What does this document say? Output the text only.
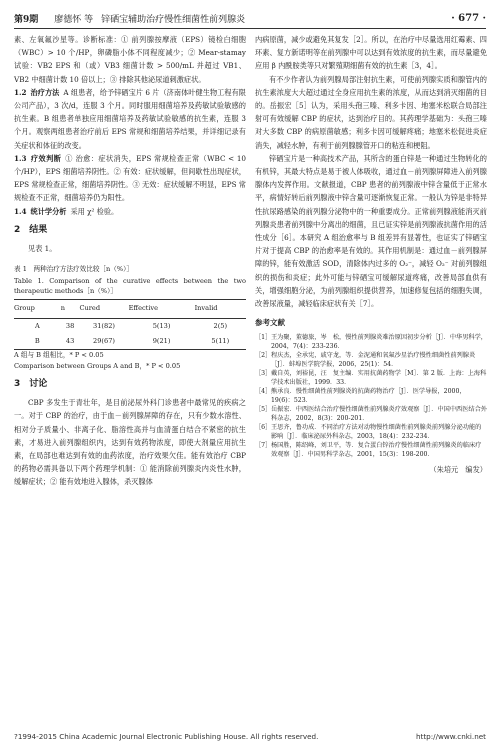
第9期 廖德怀 等 锌硒宝辅助治疗慢性细菌性前列腺炎	· 677 ·

素、左氧氟沙星等。诊断标准：① 前列腺按摩液（EPS）镜检白细胞（WBC）> 10 个/HP，卵磷脂小体不同程度减少；② Mear-stamay 试验：VB2 EPS 和（或）VB3 细菌计数 > 500/mL 并超过 VB1、VB2 中细菌计数 10 倍以上；③ 排除其他泌尿道刺激症状。

1.2 治疗方法 A 组患者，给予锌硒宝片 6 片（济南体叶健生物工程有限公司产品），3 次/d，连服 3 个月。同时服用细菌培养及药敏试验敏感的抗生素。B 组患者单独应用细菌培养及药敏试验敏感的抗生素，连服 3 个月。观察两组患者治疗前后 EPS 常规和细菌培养结果，并详细记录有关症状和体征的改变。

1.3 疗效判断 ① 治愈：症状消失，EPS 常规检查正常（WBC < 10 个/HP），EPS 细菌培养阴性。② 有效：症状缓解，但间歇性出现症状，EPS 常规检查正常，细菌培养阴性。③ 无效：症状缓解不明显，EPS 常规检查不正常，细菌培养仍为阳性。

1.4 统计学分析 采用 χ² 检验。

2　结果

见表 1。

表 1　两种治疗方法疗效比较［n（%）］
Table 1. Comparison of the curative effects between the two therapeutic methods［n（%）］
Group	n	Cured	Effective	Invalid
A	38	31(82)	5(13)	2(5)
B	43	29(67)	9(21)	5(11)
A 组与 B 组相比，* P < 0.05
Comparison between Groups A and B，* P < 0.05
3　讨论

CBP 多发生于青壮年，是目前泌尿外科门诊患者中最常见的疾病之一。对于 CBP 的治疗，由于血－前列腺屏障的存在，只有少数水溶性、相对分子质量小、非离子化、脂溶性高并与血清蛋白结合不紧密的抗生素，才易进入前列腺组织内，达到有效药物浓度，即使大剂量应用抗生素，在局部也难达到有效的血药浓度，治疗效果欠佳。能有效治疗 CBP 的药物必需具备以下两个药理学机制：① 能消除前列腺炎内炎性水肿，缓解症状；② 能有效地进入腺体，杀灭腺体

内病原菌，减少或避免其复发［2］。所以，在治疗中尽量选用红霉素、四环素、复方新诺明等在前列腺中可以达到有效浓度的抗生素，而尽量避免应用 β 内酰胺类等只对繁殖期细菌有效的抗生素［3，4］。

有不少作者认为前列腺局部注射抗生素，可使前列腺实质和腺管内的抗生素浓度大大超过通过全身应用抗生素的浓度，从而达到消灭细菌的目的。岳振宏［5］认为，采用头孢三嗪、利多卡因、地塞米松联合局部注射可有效缓解 CBP 的症状，达到治疗目的。其药理学基础为：头孢三嗪对大多数 CBP 的病原菌敏感；利多卡因可缓解疼痛；地塞米松促进炎症消失，减轻水肿，有利于前列腺腺管开口的粘连和梗阻。

锌硒宝片是一种高技术产品，其所含的蛋白锌是一种通过生物转化的有机锌，其最大特点是易于被人体吸收，通过血－前列腺屏障进入前列腺腺体内发挥作用。文献报道，CBP 患者的前列腺液中锌含量低于正常水平，病情好转后前列腺液中锌含量可逐渐恢复正常。一般认为锌是非特异性抗尿路感染的前列腺分泌物中的一种重要成分。正常前列腺液能消灭前列腺炎患者前列腺中分离出的细菌，且已证实锌是前列腺液抗菌作用的活性成分［6］。本研究 A 组治愈率与 B 组差异有显著性，也证实了锌硒宝片对于提高 CBP 的治愈率是有效的。其作用机制是：通过血－前列腺屏障的锌，能有效激活 SOD，清除体内过多的 O₂⁻，减轻 O₂⁻ 对前列腺组织的损伤和炎症；此外可能与锌硒宝可缓解尿道疼痛，改善局部血供有关，增强细胞分泌，为前列腺组织提供营养，加速修复包括的细胞失调，改善尿液量，减轻临床症状有关［7］。

参考文献
［1］ 王为聚，董德旅，岑　松，慢性前列腺炎难治原因初步分析［J］．中华男科学，2004，7(4)：233-236．
［2］ 程庆杰，全承宪，戚守龙，等．金泥通和氧氟沙星治疗慢性细菌性前列腺炎［J］．蚌埠医学院学报，2006，25(1)：54．
［3］ 戴自英，刘裕昆，汪　复主编．实用抗菌药物学［M］．第 2 版．上海：上海科学技术出版社，1999．33．
［4］ 熊承良．慢性细菌性前列腺炎的抗菌药物治疗［J］．医学导报，2000，19(6)：523．
［5］ 岳振宏．中西医结合治疗慢性细菌性前列腺炎疗效观察［J］．中国中西医结合外科杂志，2002，8(3)：200-201．
［6］ 王思齐，鲁功成．不同治疗方法对动物慢性细菌性前列腺炎前列腺分泌功能的影响［J］．临床泌尿外科杂志，2003，18(4)：232-234．
［7］ 杨国胜，陈绍峰，刘卫平，等．复合蛋白锌治疗慢性细菌性前列腺炎的临床疗效观察［J］．中国男科学杂志，2001，15(3)：198-200．
（朱培元　编发）
?1994-2015 China Academic Journal Electronic Publishing House. All rights reserved.	http://www.cnki.net
